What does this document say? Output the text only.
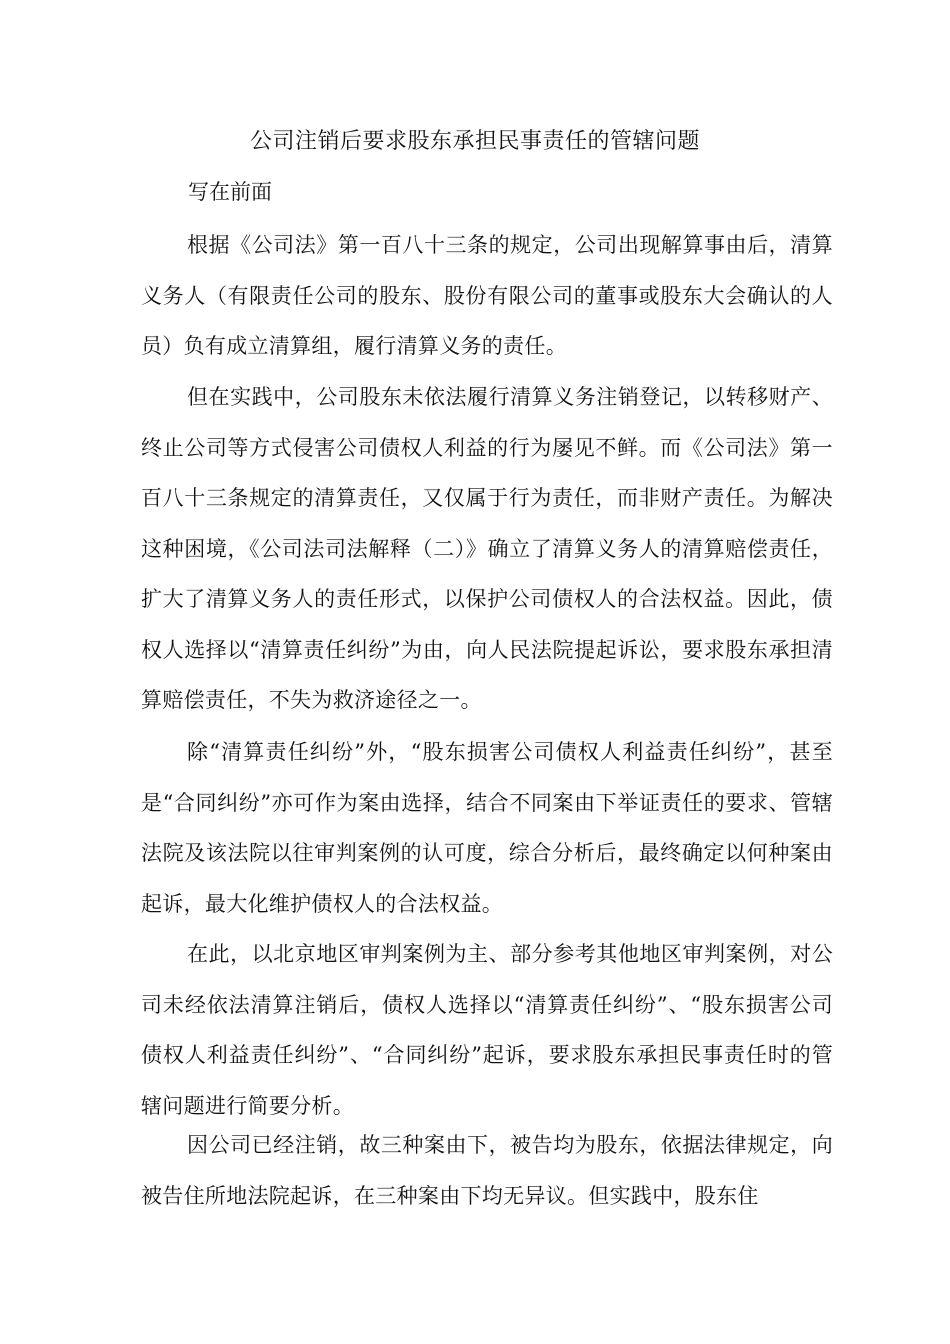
公司注销后要求股东承担民事责任的管辖问题
写在前面

根据《公司法》第一百八十三条的规定，公司出现解算事由后，清算义务人（有限责任公司的股东、股份有限公司的董事或股东大会确认的人员）负有成立清算组，履行清算义务的责任。

但在实践中，公司股东未依法履行清算义务注销登记，以转移财产、终止公司等方式侵害公司债权人利益的行为屡见不鲜。而《公司法》第一百八十三条规定的清算责任，又仅属于行为责任，而非财产责任。为解决这种困境，《公司法司法解释（二）》确立了清算义务人的清算赔偿责任，扩大了清算义务人的责任形式，以保护公司债权人的合法权益。因此，债权人选择以“清算责任纠纷”为由，向人民法院提起诉讼，要求股东承担清算赔偿责任，不失为救济途径之一。

除“清算责任纠纷”外，“股东损害公司债权人利益责任纠纷”，甚至是“合同纠纷”亦可作为案由选择，结合不同案由下举证责任的要求、管辖法院及该法院以往审判案例的认可度，综合分析后，最终确定以何种案由起诉，最大化维护债权人的合法权益。

在此，以北京地区审判案例为主、部分参考其他地区审判案例，对公司未经依法清算注销后，债权人选择以“清算责任纠纷”、“股东损害公司债权人利益责任纠纷”、“合同纠纷”起诉，要求股东承担民事责任时的管辖问题进行简要分析。

因公司已经注销，故三种案由下，被告均为股东，依据法律规定，向被告住所地法院起诉，在三种案由下均无异议。但实践中，股东住
